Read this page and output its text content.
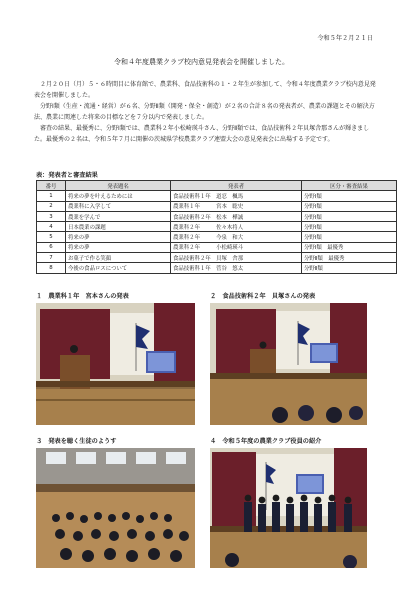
令和５年２月２１日
令和４年度農業クラブ校内意見発表会を開催しました。

２月２０日（月）５・６時間目に体育館で、農業科、食品技術科の１・２年生が参加して、令和４年度農業クラブ校内意見発表会を開催しました。

分野Ⅰ類（生産・流通・経営）が６名、分野Ⅱ類（開発・保全・創造）が２名の合計８名の発表者が、農業の課題とその解決方法、農業に関連した将来の目標などを７分以内で発表しました。

審査の結果、最優秀に、分野Ⅰ類では、農業科２年小松崎瑛斗さん、分野Ⅱ類では、食品技術科２年貝塚舎那さんが輝きました。最優秀の２名は、令和５年７月に開催の茨城県学校農業クラブ連盟大会の意見発表会に出場する予定です。

表：発表者と審査結果
番号	発表題名	発表者	区分・審査結果
1	将来の夢を叶えるためには	食品技術科１年　道忍　楓馬	分野Ⅰ類
2	農業科に入学して	農業科１年　　　宮本　聡史	分野Ⅰ類
3	農業を学んで	食品技術科２年　松本　樺誠	分野Ⅰ類
4	日本農業の課題	農業科２年　　　佐々木将人	分野Ⅰ類
5	将来の夢	農業科２年　　　今泉　和大	分野Ⅰ類
6	将来の夢	農業科２年　　　小松崎瑛斗	分野Ⅰ類　最優秀
7	お菓子で作る笑顔	食品技術科２年　貝塚　舎那	分野Ⅱ類　最優秀
8	今後の食品ロスについて	食品技術科１年　菅谷　悠太	分野Ⅱ類
１　農業科１年　宮本さんの発表	２　食品技術科２年　貝塚さんの発表
３　発表を聴く生徒のようす	４　令和５年度の農業クラブ役員の紹介
